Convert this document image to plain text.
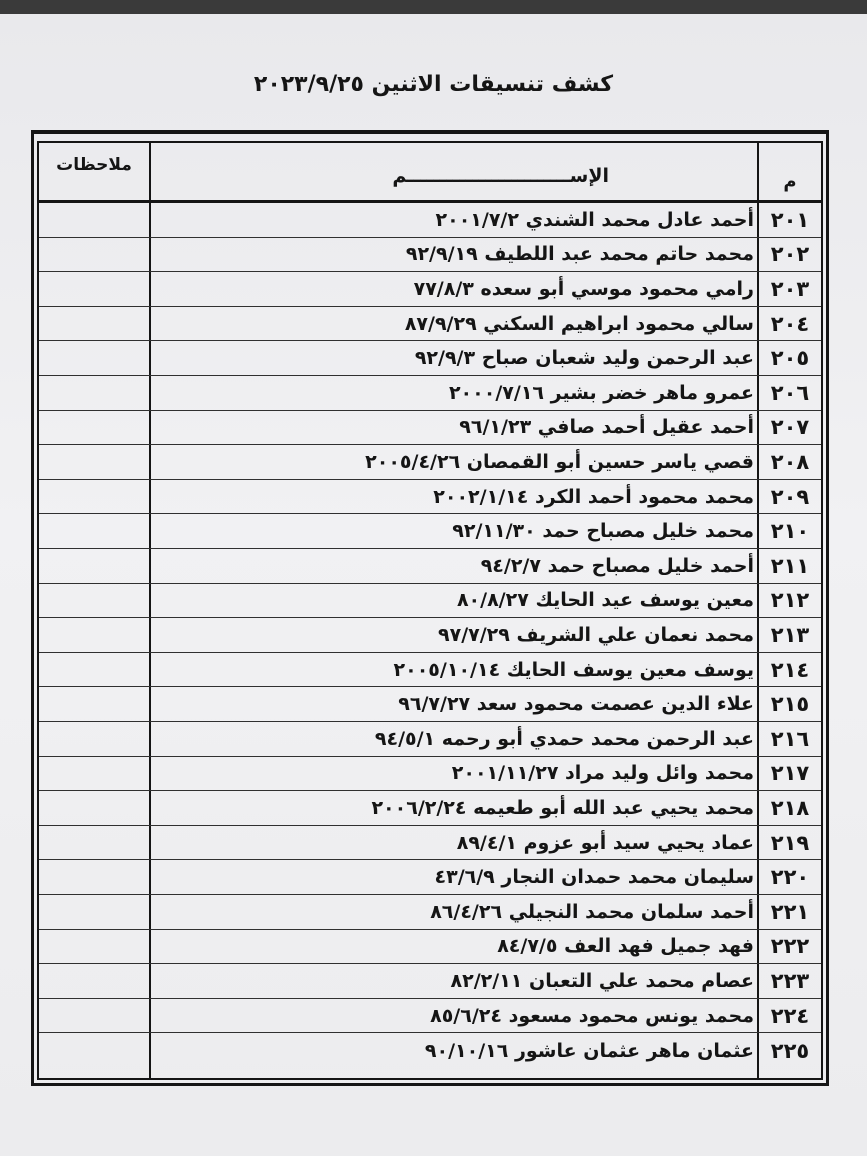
كشف تنسيقات الاثنين ٢٠٢٣/٩/٢٥
م
الإســـــــــــــــــــــــــم
ملاحظات
٢٠١
أحمد عادل محمد الشندي ٢٠٠١/٧/٢
٢٠٢
محمد حاتم محمد عبد اللطيف ٩٢/٩/١٩
٢٠٣
رامي محمود موسي أبو سعده ٧٧/٨/٣
٢٠٤
سالي محمود ابراهيم السكني ٨٧/٩/٢٩
٢٠٥
عبد الرحمن وليد شعبان صباح ٩٢/٩/٣
٢٠٦
عمرو ماهر خضر بشير ٢٠٠٠/٧/١٦
٢٠٧
أحمد عقيل أحمد صافي ٩٦/١/٢٣
٢٠٨
قصي ياسر حسين أبو القمصان ٢٠٠٥/٤/٢٦
٢٠٩
محمد محمود أحمد الكرد ٢٠٠٢/١/١٤
٢١٠
محمد خليل مصباح حمد ٩٢/١١/٣٠
٢١١
أحمد خليل مصباح حمد ٩٤/٢/٧
٢١٢
معين يوسف عيد الحايك ٨٠/٨/٢٧
٢١٣
محمد نعمان علي الشريف ٩٧/٧/٢٩
٢١٤
يوسف معين يوسف الحايك ٢٠٠٥/١٠/١٤
٢١٥
علاء الدين عصمت محمود سعد ٩٦/٧/٢٧
٢١٦
عبد الرحمن محمد حمدي أبو رحمه ٩٤/٥/١
٢١٧
محمد وائل وليد مراد ٢٠٠١/١١/٢٧
٢١٨
محمد يحيي عبد الله أبو طعيمه ٢٠٠٦/٢/٢٤
٢١٩
عماد يحيي سيد أبو عزوم ٨٩/٤/١
٢٢٠
سليمان محمد حمدان النجار ٤٣/٦/٩
٢٢١
أحمد سلمان محمد النجيلي ٨٦/٤/٢٦
٢٢٢
فهد جميل فهد العف ٨٤/٧/٥
٢٢٣
عصام محمد علي التعبان ٨٢/٢/١١
٢٢٤
محمد يونس محمود مسعود ٨٥/٦/٢٤
٢٢٥
عثمان ماهر عثمان عاشور ٩٠/١٠/١٦
